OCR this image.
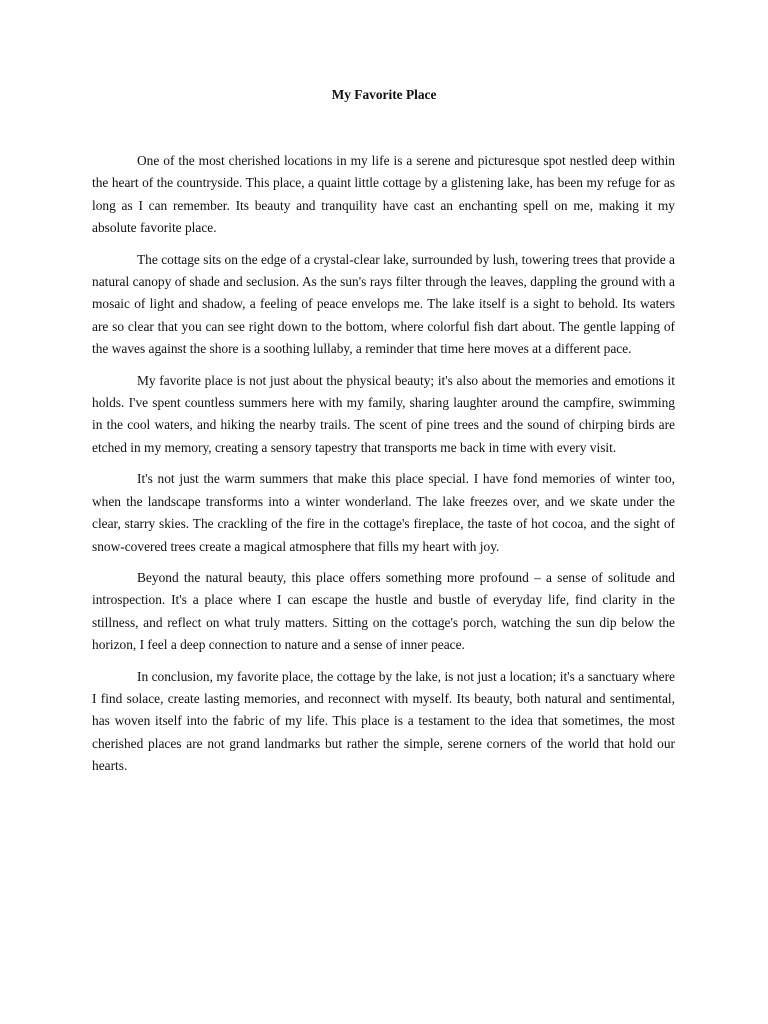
My Favorite Place

One of the most cherished locations in my life is a serene and picturesque spot nestled deep within the heart of the countryside. This place, a quaint little cottage by a glistening lake, has been my refuge for as long as I can remember. Its beauty and tranquility have cast an enchanting spell on me, making it my absolute favorite place.

The cottage sits on the edge of a crystal-clear lake, surrounded by lush, towering trees that provide a natural canopy of shade and seclusion. As the sun's rays filter through the leaves, dappling the ground with a mosaic of light and shadow, a feeling of peace envelops me. The lake itself is a sight to behold. Its waters are so clear that you can see right down to the bottom, where colorful fish dart about. The gentle lapping of the waves against the shore is a soothing lullaby, a reminder that time here moves at a different pace.

My favorite place is not just about the physical beauty; it's also about the memories and emotions it holds. I've spent countless summers here with my family, sharing laughter around the campfire, swimming in the cool waters, and hiking the nearby trails. The scent of pine trees and the sound of chirping birds are etched in my memory, creating a sensory tapestry that transports me back in time with every visit.

It's not just the warm summers that make this place special. I have fond memories of winter too, when the landscape transforms into a winter wonderland. The lake freezes over, and we skate under the clear, starry skies. The crackling of the fire in the cottage's fireplace, the taste of hot cocoa, and the sight of snow-covered trees create a magical atmosphere that fills my heart with joy.

Beyond the natural beauty, this place offers something more profound – a sense of solitude and introspection. It's a place where I can escape the hustle and bustle of everyday life, find clarity in the stillness, and reflect on what truly matters. Sitting on the cottage's porch, watching the sun dip below the horizon, I feel a deep connection to nature and a sense of inner peace.

In conclusion, my favorite place, the cottage by the lake, is not just a location; it's a sanctuary where I find solace, create lasting memories, and reconnect with myself. Its beauty, both natural and sentimental, has woven itself into the fabric of my life. This place is a testament to the idea that sometimes, the most cherished places are not grand landmarks but rather the simple, serene corners of the world that hold our hearts.
